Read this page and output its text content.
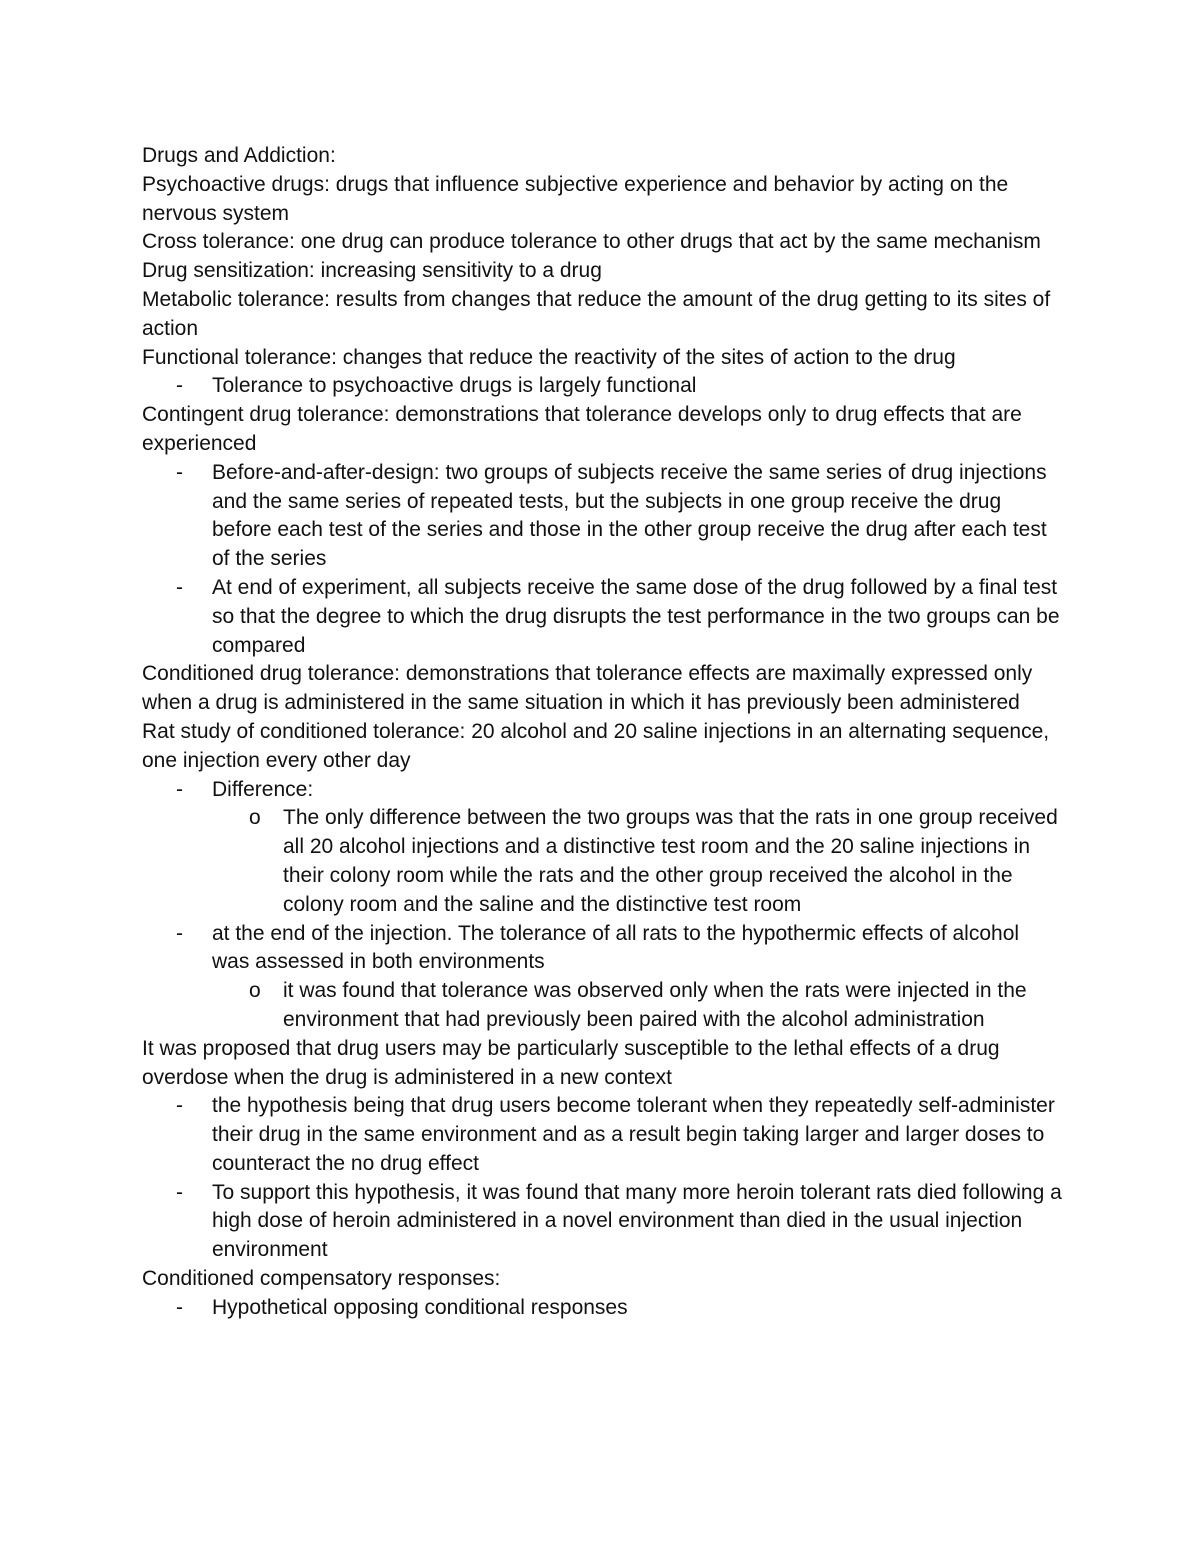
Drugs and Addiction:

Psychoactive drugs: drugs that influence subjective experience and behavior by acting on the nervous system

Cross tolerance: one drug can produce tolerance to other drugs that act by the same mechanism

Drug sensitization: increasing sensitivity to a drug

Metabolic tolerance: results from changes that reduce the amount of the drug getting to its sites of action

Functional tolerance: changes that reduce the reactivity of the sites of action to the drug

- Tolerance to psychoactive drugs is largely functional

Contingent drug tolerance: demonstrations that tolerance develops only to drug effects that are experienced

- Before-and-after-design: two groups of subjects receive the same series of drug injections and the same series of repeated tests, but the subjects in one group receive the drug before each test of the series and those in the other group receive the drug after each test of the series
- At end of experiment, all subjects receive the same dose of the drug followed by a final test so that the degree to which the drug disrupts the test performance in the two groups can be compared

Conditioned drug tolerance: demonstrations that tolerance effects are maximally expressed only when a drug is administered in the same situation in which it has previously been administered

Rat study of conditioned tolerance: 20 alcohol and 20 saline injections in an alternating sequence, one injection every other day

- Difference:
o The only difference between the two groups was that the rats in one group received all 20 alcohol injections and a distinctive test room and the 20 saline injections in their colony room while the rats and the other group received the alcohol in the colony room and the saline and the distinctive test room
- at the end of the injection. The tolerance of all rats to the hypothermic effects of alcohol was assessed in both environments
o it was found that tolerance was observed only when the rats were injected in the environment that had previously been paired with the alcohol administration

It was proposed that drug users may be particularly susceptible to the lethal effects of a drug overdose when the drug is administered in a new context

- the hypothesis being that drug users become tolerant when they repeatedly self-administer their drug in the same environment and as a result begin taking larger and larger doses to counteract the no drug effect
- To support this hypothesis, it was found that many more heroin tolerant rats died following a high dose of heroin administered in a novel environment than died in the usual injection environment

Conditioned compensatory responses:

- Hypothetical opposing conditional responses
